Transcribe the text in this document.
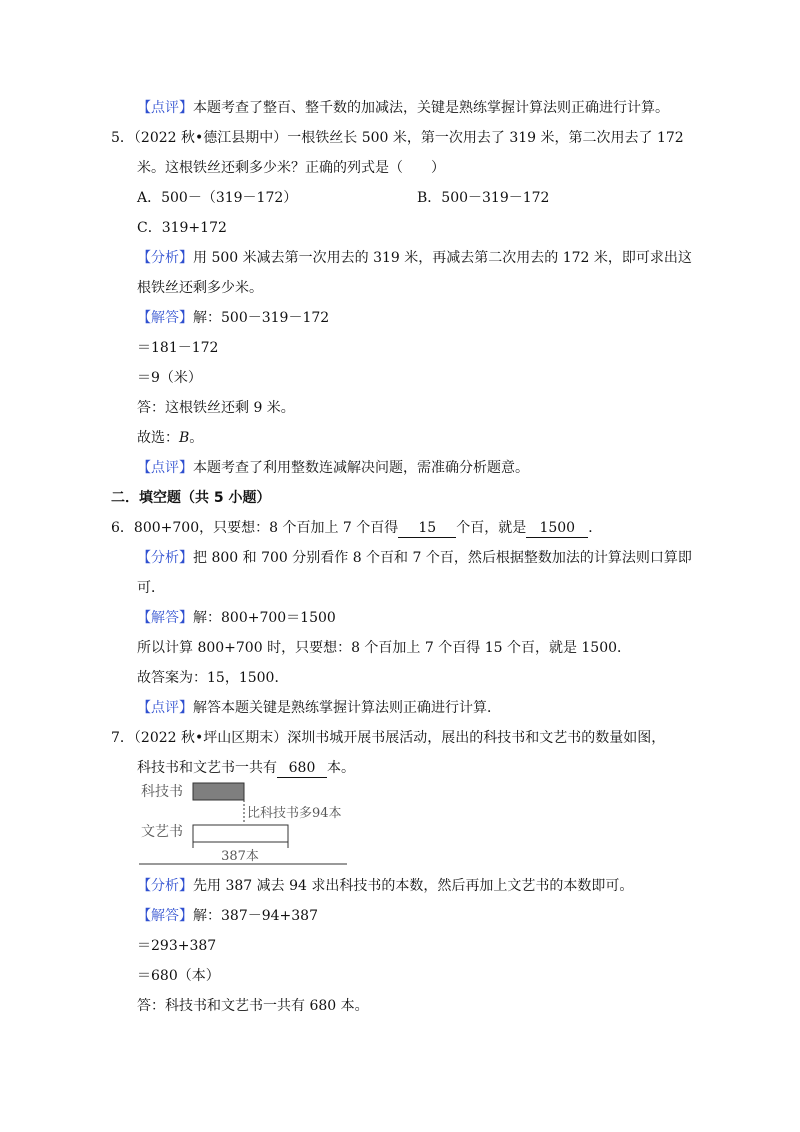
【点评】本题考查了整百、整千数的加减法，关键是熟练掌握计算法则正确进行计算。
5．（2022 秋•德江县期中）一根铁丝长 500 米，第一次用去了 319 米，第二次用去了 172
米。这根铁丝还剩多少米？正确的列式是（　　）
A．500－（319－172）	B．500－319－172
C．319+172
【分析】用 500 米减去第一次用去的 319 米，再减去第二次用去的 172 米，即可求出这
根铁丝还剩多少米。
【解答】解：500－319－172
＝181－172
＝9（米）
答：这根铁丝还剩 9 米。
故选：B。
【点评】本题考查了利用整数连减解决问题，需准确分析题意。
二．填空题（共 5 小题）
6．800+700，只要想：8 个百加上 7 个百得 15 个百，就是 1500 ．
【分析】把 800 和 700 分别看作 8 个百和 7 个百，然后根据整数加法的计算法则口算即
可．
【解答】解：800+700＝1500
所以计算 800+700 时，只要想：8 个百加上 7 个百得 15 个百，就是 1500．
故答案为：15，1500．
【点评】解答本题关键是熟练掌握计算法则正确进行计算．
7．（2022 秋•坪山区期末）深圳书城开展书展活动，展出的科技书和文艺书的数量如图，
科技书和文艺书一共有 680 本。
科技书
比科技书多94本
文艺书
387本
【分析】先用 387 减去 94 求出科技书的本数，然后再加上文艺书的本数即可。
【解答】解：387－94+387
＝293+387
＝680（本）
答：科技书和文艺书一共有 680 本。
